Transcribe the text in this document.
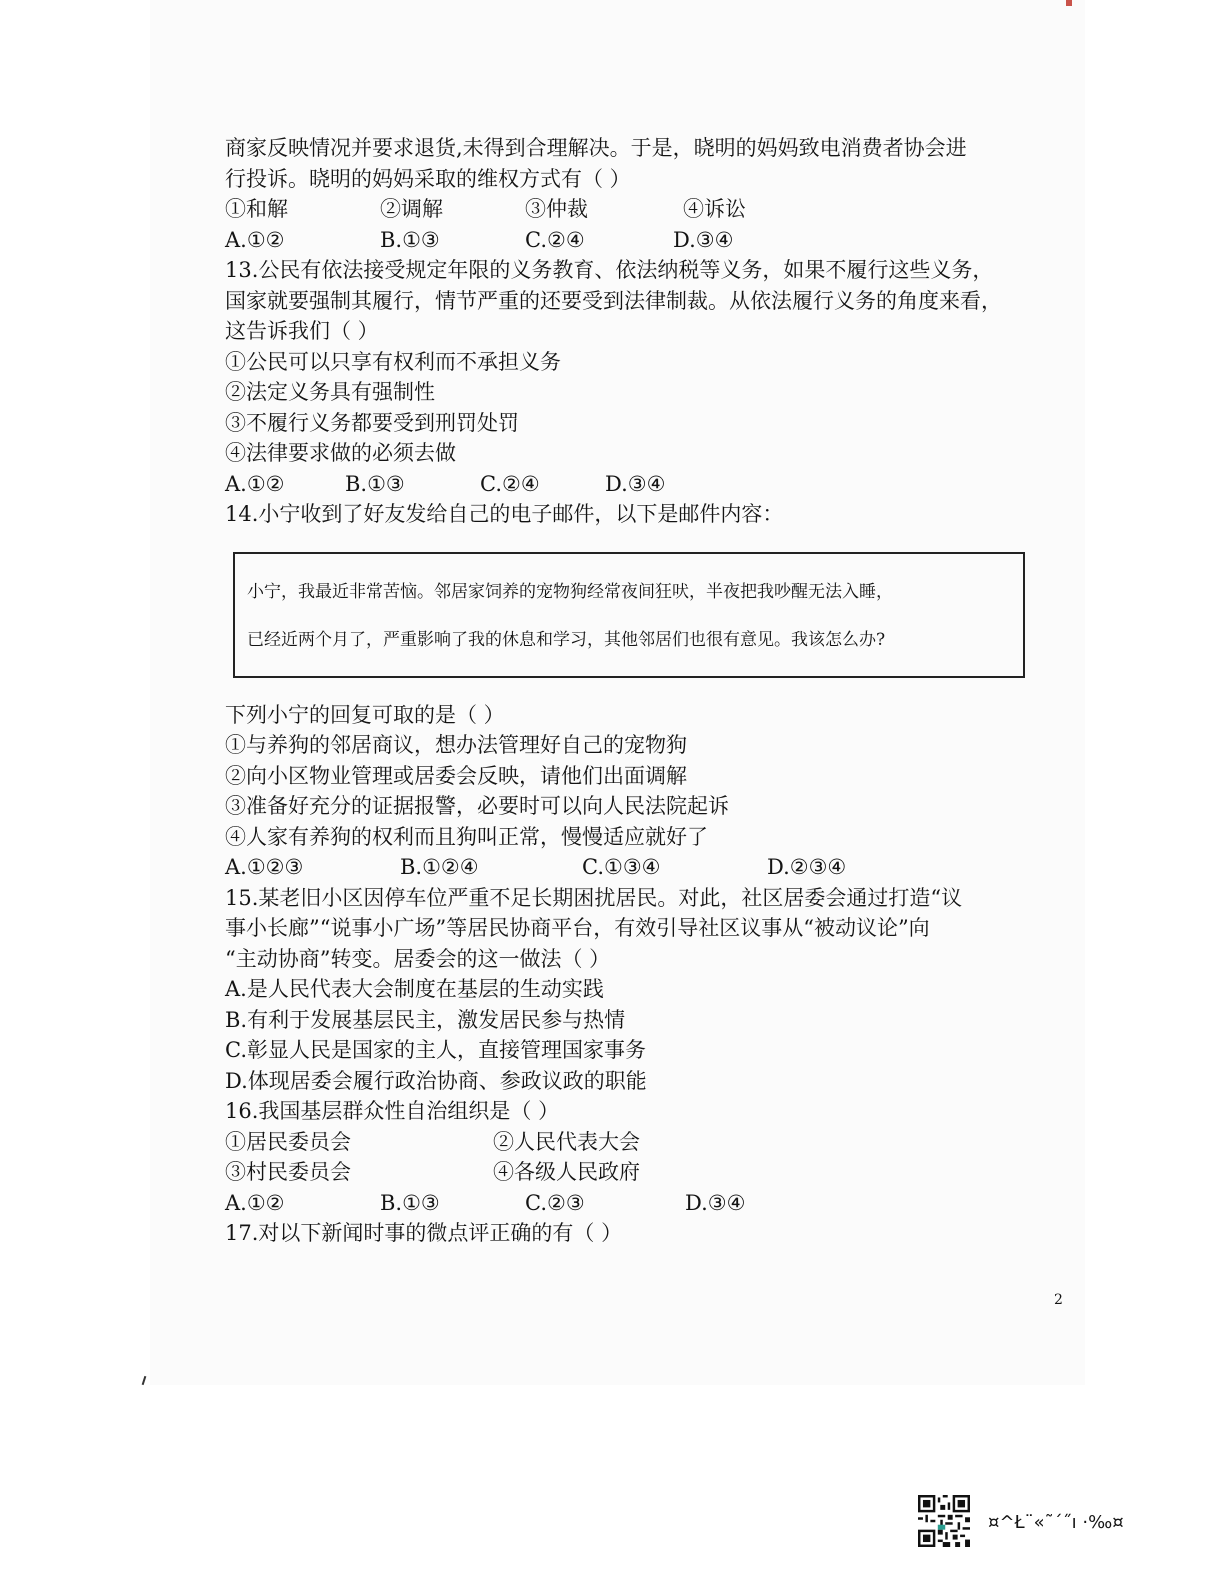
商家反映情况并要求退货,未得到合理解决。于是，晓明的妈妈致电消费者协会进
行投诉。晓明的妈妈采取的维权方式有（ ）
①和解	②调解	③仲裁	④诉讼
A.①②	B.①③	C.②④	D.③④
13.公民有依法接受规定年限的义务教育、依法纳税等义务，如果不履行这些义务，
国家就要强制其履行，情节严重的还要受到法律制裁。从依法履行义务的角度来看，
这告诉我们（ ）
①公民可以只享有权利而不承担义务
②法定义务具有强制性
③不履行义务都要受到刑罚处罚
④法律要求做的必须去做
A.①②	B.①③	C.②④	D.③④
14.小宁收到了好友发给自己的电子邮件，以下是邮件内容：
小宁，我最近非常苦恼。邻居家饲养的宠物狗经常夜间狂吠，半夜把我吵醒无法入睡，
已经近两个月了，严重影响了我的休息和学习，其他邻居们也很有意见。我该怎么办?
下列小宁的回复可取的是（ ）
①与养狗的邻居商议，想办法管理好自己的宠物狗
②向小区物业管理或居委会反映，请他们出面调解
③准备好充分的证据报警，必要时可以向人民法院起诉
④人家有养狗的权利而且狗叫正常，慢慢适应就好了
A.①②③	B.①②④	C.①③④	D.②③④
15.某老旧小区因停车位严重不足长期困扰居民。对此，社区居委会通过打造“议
事小长廊”“说事小广场”等居民协商平台，有效引导社区议事从“被动议论”向
“主动协商”转变。居委会的这一做法（ ）
A.是人民代表大会制度在基层的生动实践
B.有利于发展基层民主，激发居民参与热情
C.彰显人民是国家的主人，直接管理国家事务
D.体现居委会履行政治协商、参政议政的职能
16.我国基层群众性自治组织是（ ）
①居民委员会	②人民代表大会
③村民委员会	④各级人民政府
A.①②	B.①③	C.②③	D.③④
17.对以下新闻时事的微点评正确的有（ ）
2
¤^Ł¨«˜´˝ı ·‰¤
